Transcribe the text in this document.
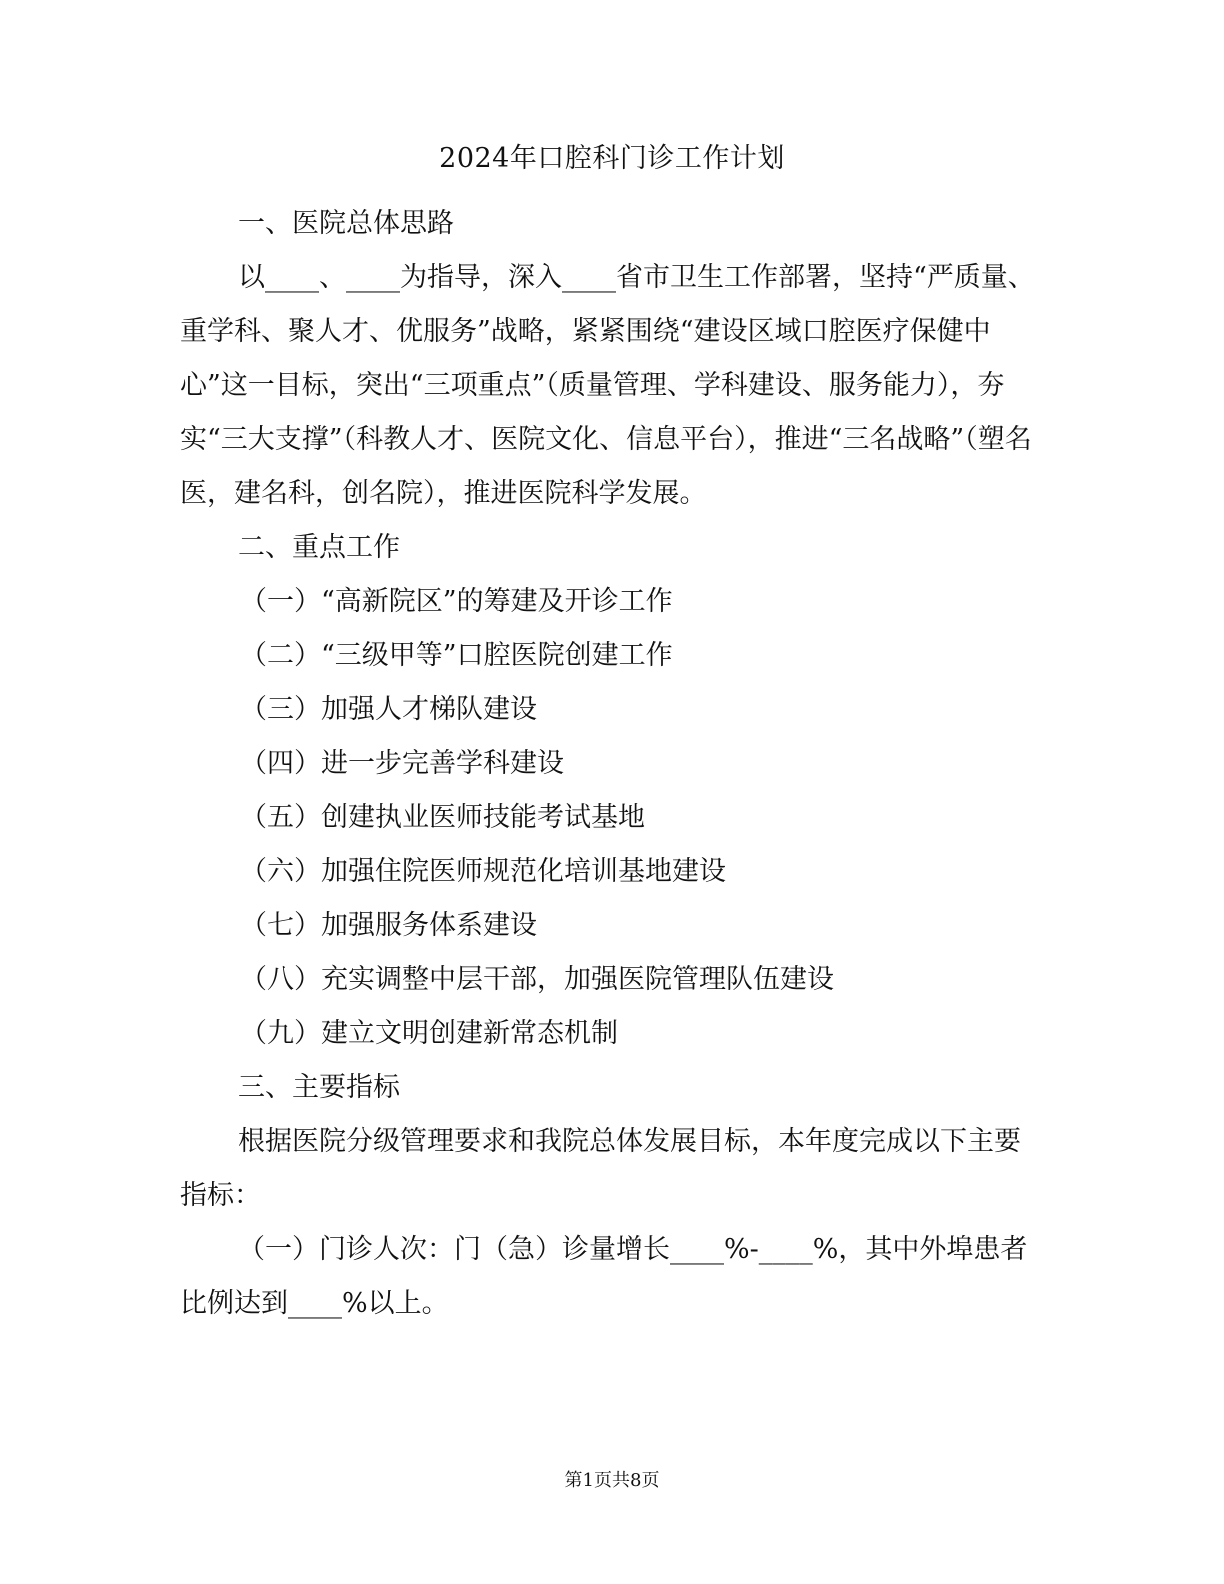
2024年口腔科门诊工作计划

一、医院总体思路

以____、____为指导，深入____省市卫生工作部署，坚持“严质量、重学科、聚人才、优服务”战略，紧紧围绕“建设区域口腔医疗保健中心”这一目标，突出“三项重点”（质量管理、学科建设、服务能力），夯实“三大支撑”（科教人才、医院文化、信息平台），推进“三名战略”（塑名医，建名科，创名院），推进医院科学发展。

二、重点工作

（一）“高新院区”的筹建及开诊工作

（二）“三级甲等”口腔医院创建工作

（三）加强人才梯队建设

（四）进一步完善学科建设

（五）创建执业医师技能考试基地

（六）加强住院医师规范化培训基地建设

（七）加强服务体系建设

（八）充实调整中层干部，加强医院管理队伍建设

（九）建立文明创建新常态机制

三、主要指标

根据医院分级管理要求和我院总体发展目标，本年度完成以下主要指标：

（一）门诊人次：门（急）诊量增长____%-____%，其中外埠患者比例达到____%以上。

第1页共8页
